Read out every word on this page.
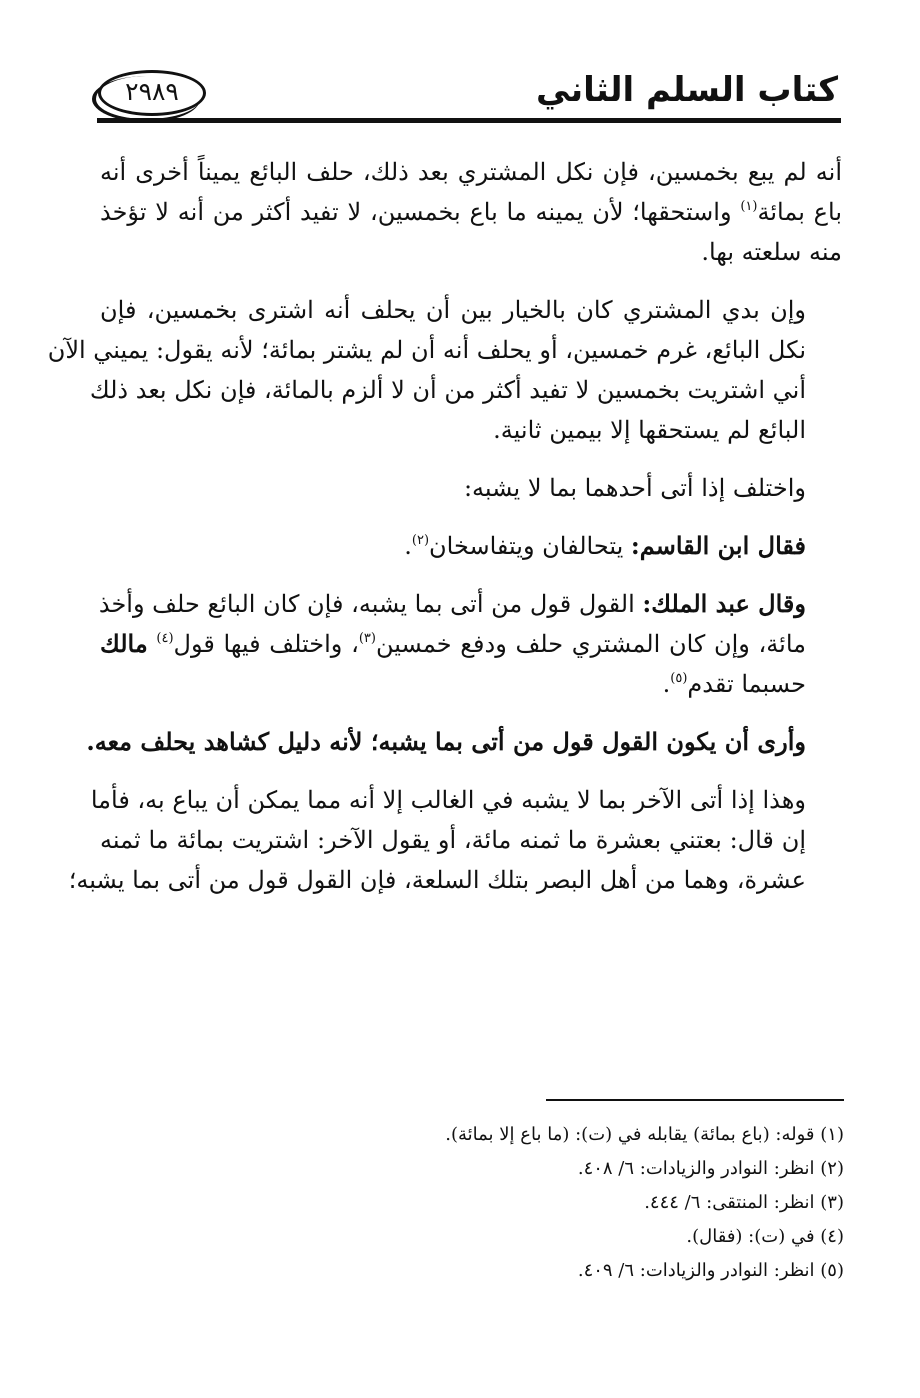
كتاب السلم الثاني
٢٩٨٩

أنه لم يبع بخمسين، فإن نكل المشتري بعد ذلك، حلف البائع يميناً أخرى أنه
باع بمائة$^{(١)}$ واستحقها؛ لأن يمينه ما باع بخمسين، لا تفيد أكثر من أنه لا تؤخذ
منه سلعته بها.

وإن بدي المشتري كان بالخيار بين أن يحلف أنه اشترى بخمسين، فإن
نكل البائع، غرم خمسين، أو يحلف أنه أن لم يشتر بمائة؛ لأنه يقول: يميني الآن
أني اشتريت بخمسين لا تفيد أكثر من أن لا ألزم بالمائة، فإن نكل بعد ذلك
البائع لم يستحقها إلا بيمين ثانية.

واختلف إذا أتى أحدهما بما لا يشبه:

فقال ابن القاسم: يتحالفان ويتفاسخان$^{(٢)}$.

وقال عبد الملك: القول قول من أتى بما يشبه، فإن كان البائع حلف وأخذ
مائة، وإن كان المشتري حلف ودفع خمسين$^{(٣)}$، واختلف فيها قول$^{(٤)}$ مالك
حسبما تقدم$^{(٥)}$.

وأرى أن يكون القول قول من أتى بما يشبه؛ لأنه دليل كشاهد يحلف معه.

وهذا إذا أتى الآخر بما لا يشبه في الغالب إلا أنه مما يمكن أن يباع به، فأما
إن قال: بعتني بعشرة ما ثمنه مائة، أو يقول الآخر: اشتريت بمائة ما ثمنه
عشرة، وهما من أهل البصر بتلك السلعة، فإن القول قول من أتى بما يشبه؛

(١) قوله: (باع بمائة) يقابله في (ت): (ما باع إلا بمائة).
(٢) انظر: النوادر والزيادات: ٦/ ٤٠٨.
(٣) انظر: المنتقى: ٦/ ٤٤٤.
(٤) في (ت): (فقال).
(٥) انظر: النوادر والزيادات: ٦/ ٤٠٩.
